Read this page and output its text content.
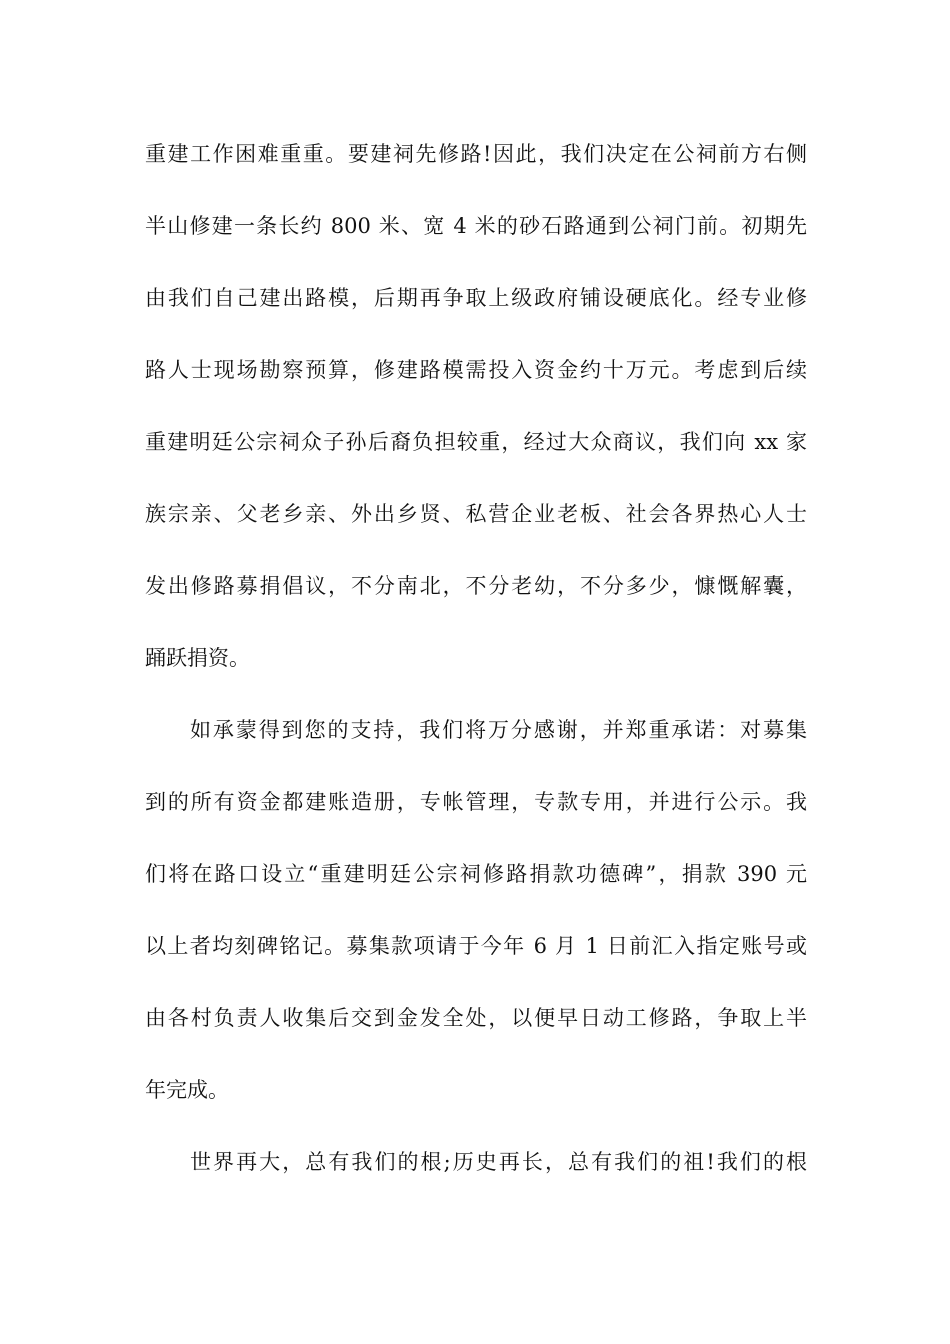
重建工作困难重重。要建祠先修路!因此，我们决定在公祠前方右侧
半山修建一条长约 800 米、宽 4 米的砂石路通到公祠门前。初期先
由我们自己建出路模，后期再争取上级政府铺设硬底化。经专业修
路人士现场勘察预算，修建路模需投入资金约十万元。考虑到后续
重建明廷公宗祠众子孙后裔负担较重，经过大众商议，我们向 xx 家
族宗亲、父老乡亲、外出乡贤、私营企业老板、社会各界热心人士
发出修路募捐倡议，不分南北，不分老幼，不分多少，慷慨解囊，
踊跃捐资。
如承蒙得到您的支持，我们将万分感谢，并郑重承诺：对募集
到的所有资金都建账造册，专帐管理，专款专用，并进行公示。我
们将在路口设立“重建明廷公宗祠修路捐款功德碑”，捐款 390 元
以上者均刻碑铭记。募集款项请于今年 6 月 1 日前汇入指定账号或
由各村负责人收集后交到金发全处，以便早日动工修路，争取上半
年完成。
世界再大，总有我们的根;历史再长，总有我们的祖!我们的根
